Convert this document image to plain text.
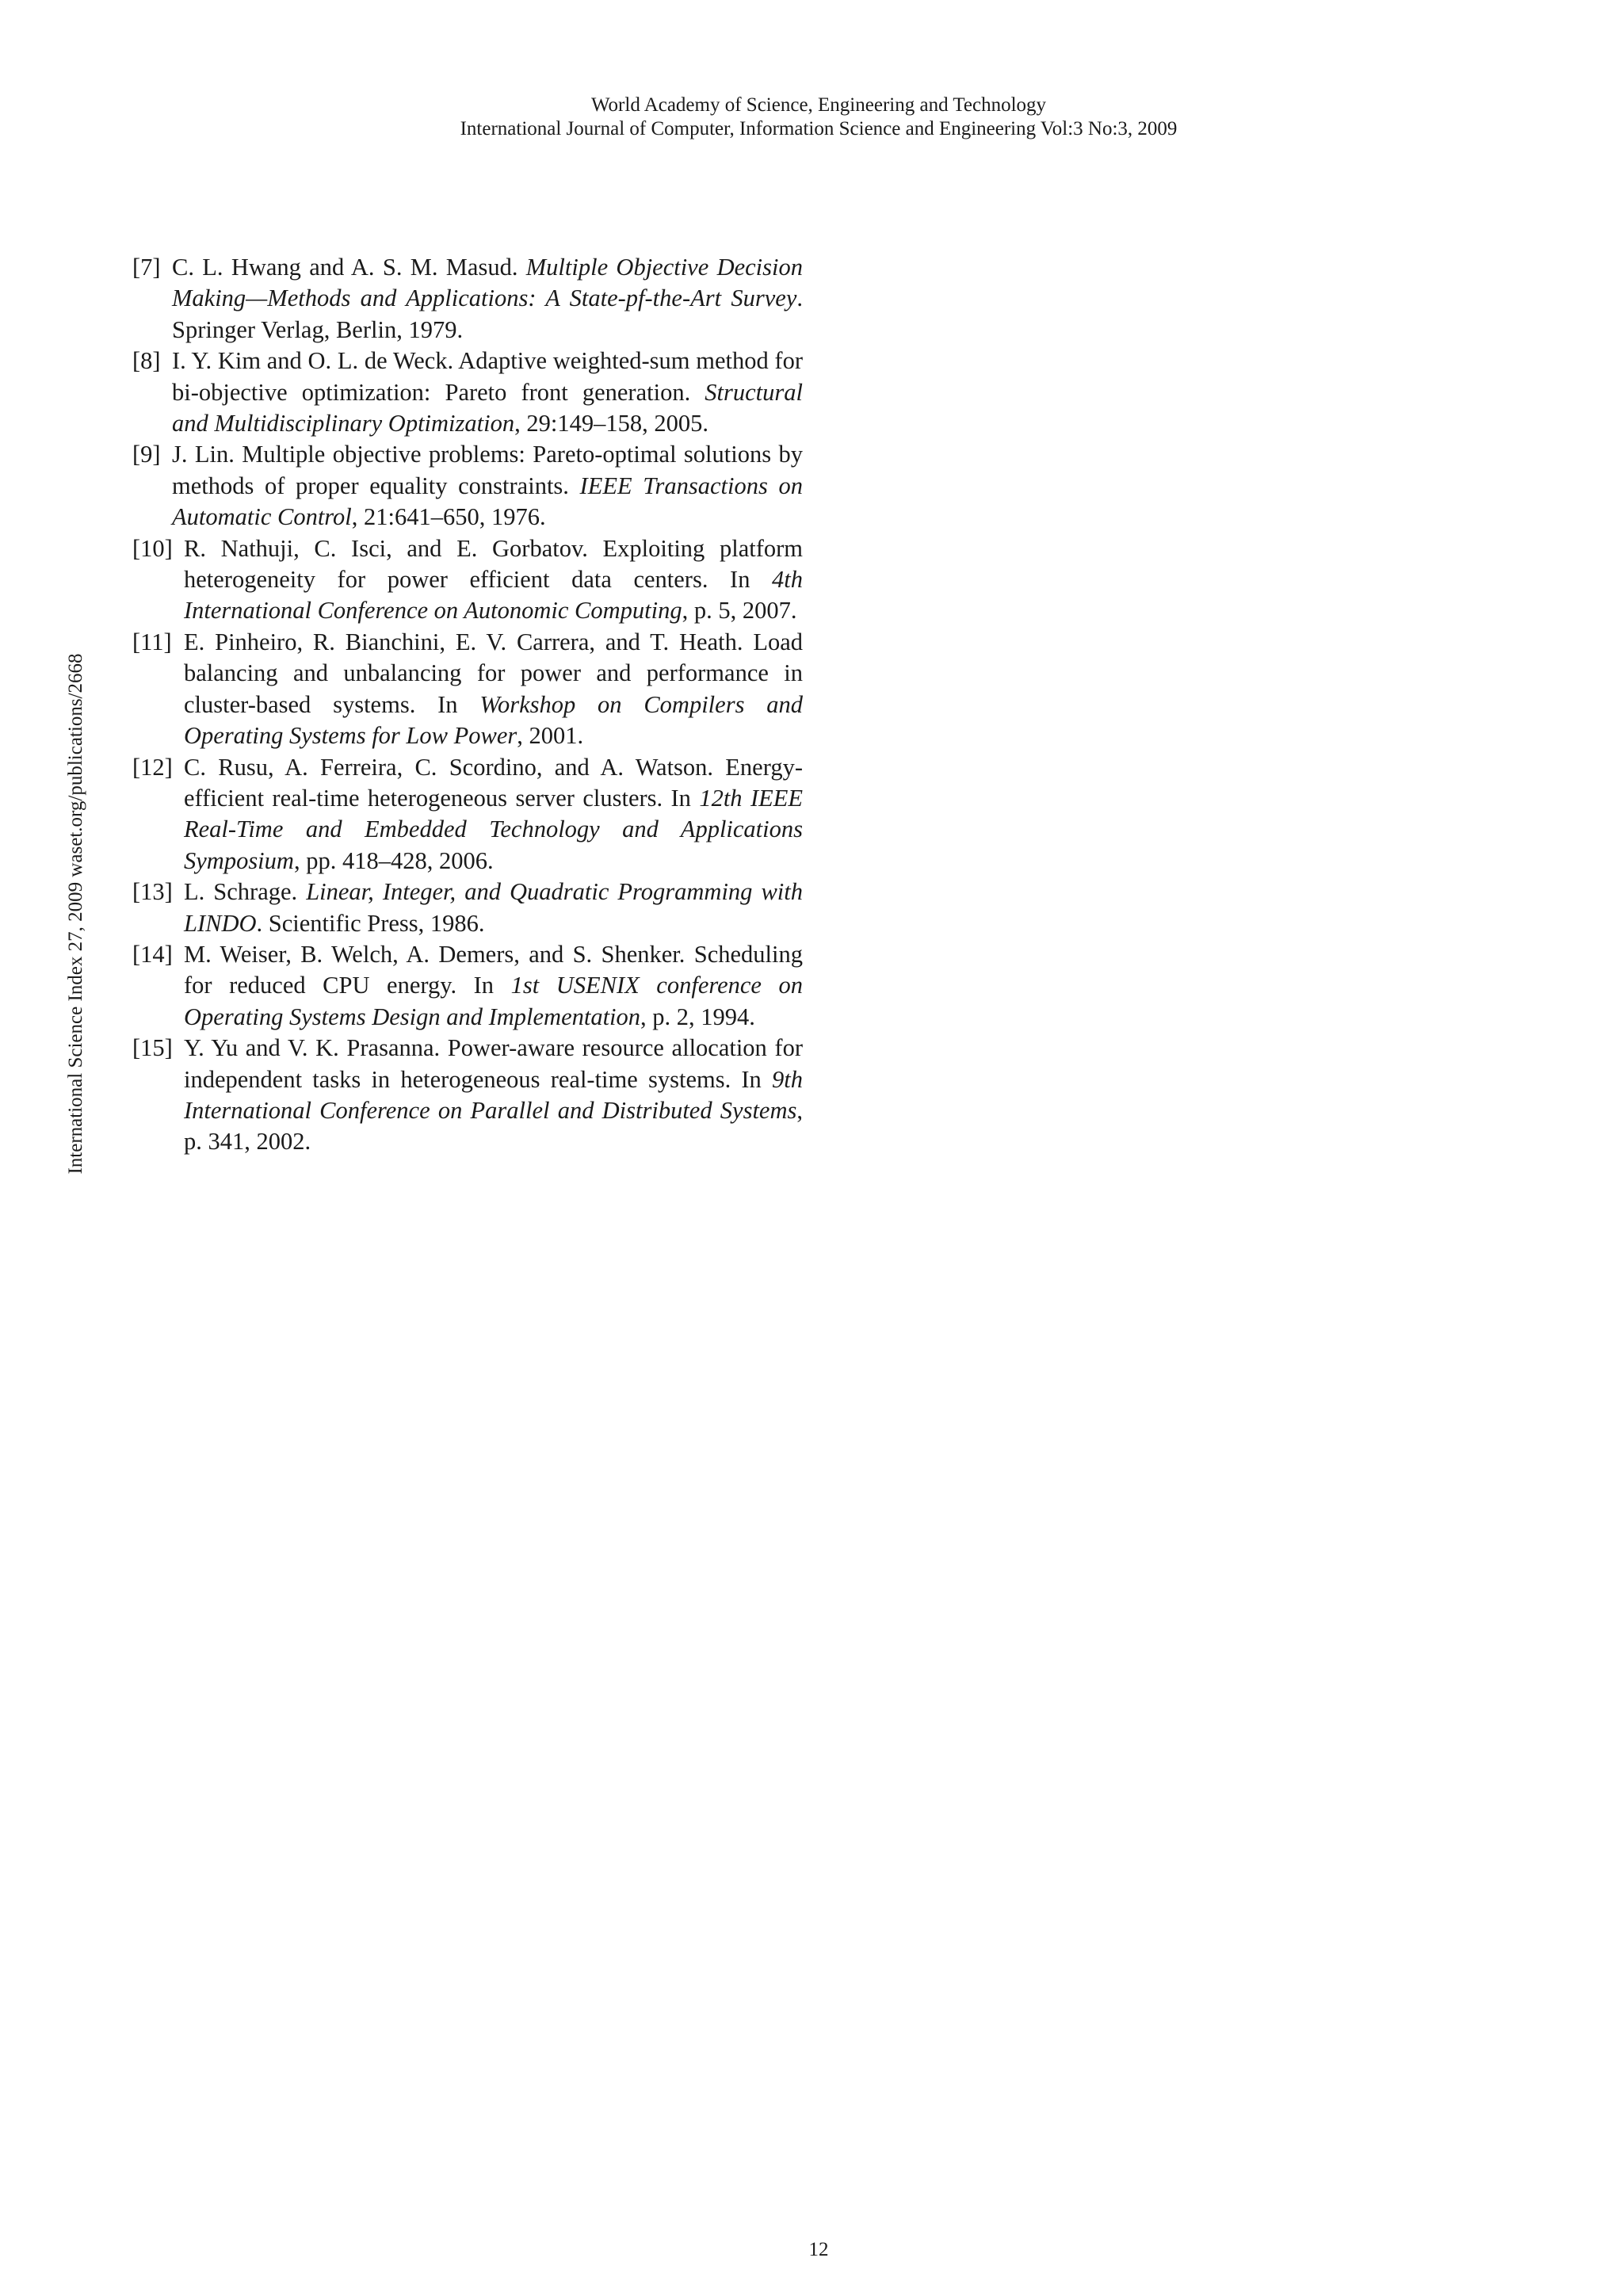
World Academy of Science, Engineering and Technology
International Journal of Computer, Information Science and Engineering Vol:3 No:3, 2009
International Science Index 27, 2009 waset.org/publications/2668
[7] C. L. Hwang and A. S. M. Masud. Multiple Objective Decision Making—Methods and Applications: A State-pf-the-Art Survey. Springer Verlag, Berlin, 1979.
[8] I. Y. Kim and O. L. de Weck. Adaptive weighted-sum method for bi-objective optimization: Pareto front generation. Structural and Multidisciplinary Optimization, 29:149–158, 2005.
[9] J. Lin. Multiple objective problems: Pareto-optimal solutions by methods of proper equality constraints. IEEE Transactions on Automatic Control, 21:641–650, 1976.
[10] R. Nathuji, C. Isci, and E. Gorbatov. Exploiting platform heterogeneity for power efficient data centers. In 4th International Conference on Autonomic Computing, p. 5, 2007.
[11] E. Pinheiro, R. Bianchini, E. V. Carrera, and T. Heath. Load balancing and unbalancing for power and performance in cluster-based systems. In Workshop on Compilers and Operating Systems for Low Power, 2001.
[12] C. Rusu, A. Ferreira, C. Scordino, and A. Watson. Energy-efficient real-time heterogeneous server clusters. In 12th IEEE Real-Time and Embedded Technology and Applications Symposium, pp. 418–428, 2006.
[13] L. Schrage. Linear, Integer, and Quadratic Programming with LINDO. Scientific Press, 1986.
[14] M. Weiser, B. Welch, A. Demers, and S. Shenker. Scheduling for reduced CPU energy. In 1st USENIX conference on Operating Systems Design and Implementation, p. 2, 1994.
[15] Y. Yu and V. K. Prasanna. Power-aware resource allocation for independent tasks in heterogeneous real-time systems. In 9th International Conference on Parallel and Distributed Systems, p. 341, 2002.
12
